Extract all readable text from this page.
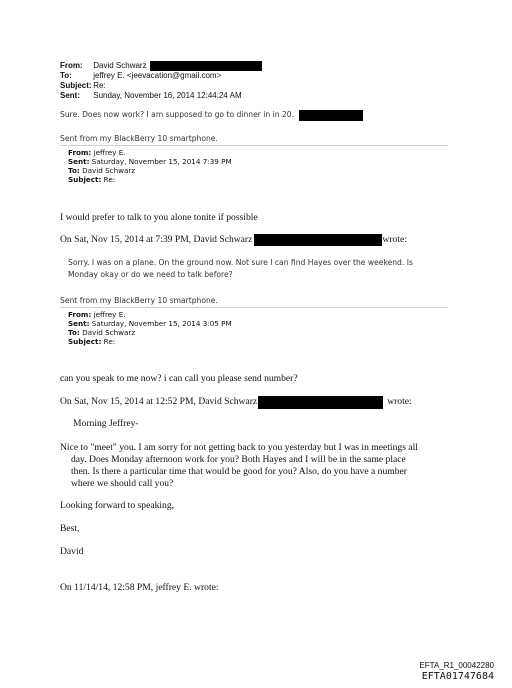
From: David Schwarz
To:	jeffrey E. <jeevacation@gmail.com>
Subject: Re:
Sent: Sunday, November 16, 2014 12:44:24 AM
Sure. Does now work? I am supposed to go to dinner in in 20.
Sent from my BlackBerry 10 smartphone.
From: jeffrey E.
Sent: Saturday, November 15, 2014 7:39 PM
To: David Schwarz
Subject: Re:
I would prefer to talk to you alone tonite if possible
On Sat, Nov 15, 2014 at 7:39 PM, David Schwarz	wrote:
Sorry. I was on a plane. On the ground now. Not sure I can find Hayes over the weekend. Is
Monday okay or do we need to talk before?
Sent from my BlackBerry 10 smartphone.
From: jeffrey E.
Sent: Saturday, November 15, 2014 3:05 PM
To: David Schwarz
Subject: Re:
can you speak to me now? i can call you please send number?
On Sat, Nov 15, 2014 at 12:52 PM, David Schwarz	wrote:
Morning Jeffrey-
Nice to "meet" you. I am sorry for not getting back to you yesterday but I was in meetings all
day. Does Monday afternoon work for you? Both Hayes and I will be in the same place
then. Is there a particular time that would be good for you? Also, do you have a number
where we should call you?
Looking forward to speaking,
Best,
David
On 11/14/14, 12:58 PM, jeffrey E. wrote:
EFTA_R1_00042280
EFTA01747684
